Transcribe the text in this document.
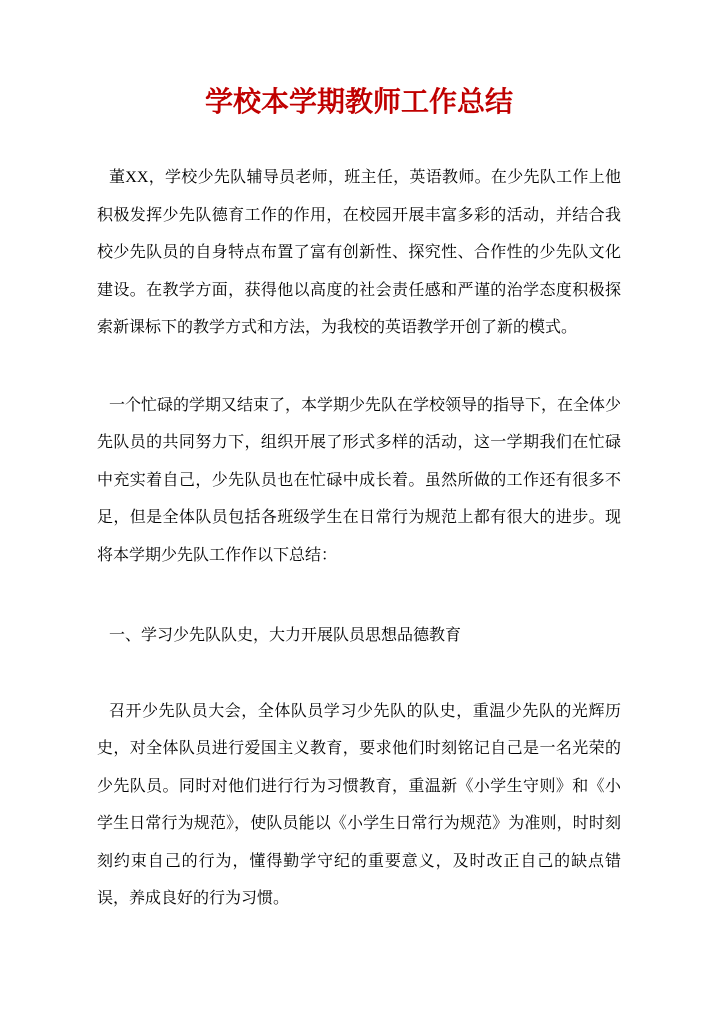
学校本学期教师工作总结

董XX，学校少先队辅导员老师，班主任，英语教师。在少先队工作上他积极发挥少先队德育工作的作用，在校园开展丰富多彩的活动，并结合我校少先队员的自身特点布置了富有创新性、探究性、合作性的少先队文化建设。在教学方面，获得他以高度的社会责任感和严谨的治学态度积极探索新课标下的教学方式和方法，为我校的英语教学开创了新的模式。

一个忙碌的学期又结束了，本学期少先队在学校领导的指导下，在全体少先队员的共同努力下，组织开展了形式多样的活动，这一学期我们在忙碌中充实着自己，少先队员也在忙碌中成长着。虽然所做的工作还有很多不足，但是全体队员包括各班级学生在日常行为规范上都有很大的进步。现将本学期少先队工作作以下总结：

一、学习少先队队史，大力开展队员思想品德教育

召开少先队员大会，全体队员学习少先队的队史，重温少先队的光辉历史，对全体队员进行爱国主义教育，要求他们时刻铭记自己是一名光荣的少先队员。同时对他们进行行为习惯教育，重温新《小学生守则》和《小学生日常行为规范》，使队员能以《小学生日常行为规范》为准则，时时刻刻约束自己的行为，懂得勤学守纪的重要意义，及时改正自己的缺点错误，养成良好的行为习惯。
